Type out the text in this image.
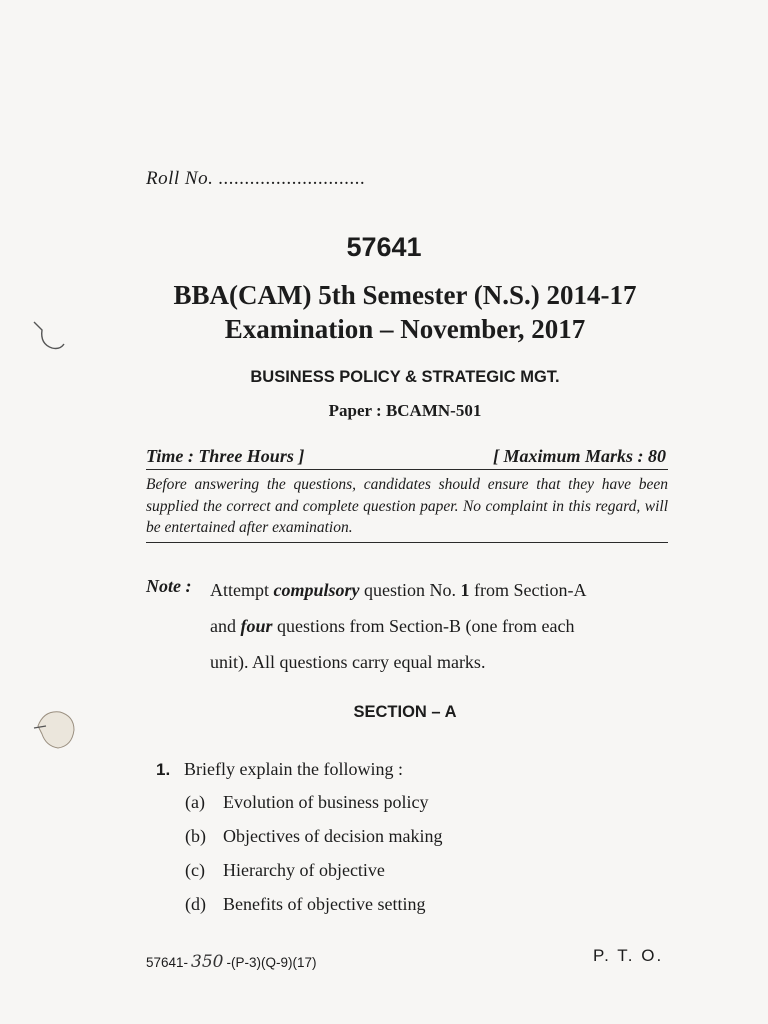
Roll No. ............................
57641
BBA(CAM) 5th Semester (N.S.) 2014-17
Examination – November, 2017
BUSINESS POLICY & STRATEGIC MGT.
Paper : BCAMN-501
Time : Three Hours ]	[ Maximum Marks : 80
Before answering the questions, candidates should ensure that they have been supplied the correct and complete question paper. No complaint in this regard, will be entertained after examination.
Note : Attempt compulsory question No. 1 from Section-A
and four questions from Section-B (one from each
unit). All questions carry equal marks.
SECTION – A
1. Briefly explain the following :
(a) Evolution of business policy
(b) Objectives of decision making
(c) Hierarchy of objective
(d) Benefits of objective setting
57641- 350 -(P-3)(Q-9)(17)	P. T. O.
